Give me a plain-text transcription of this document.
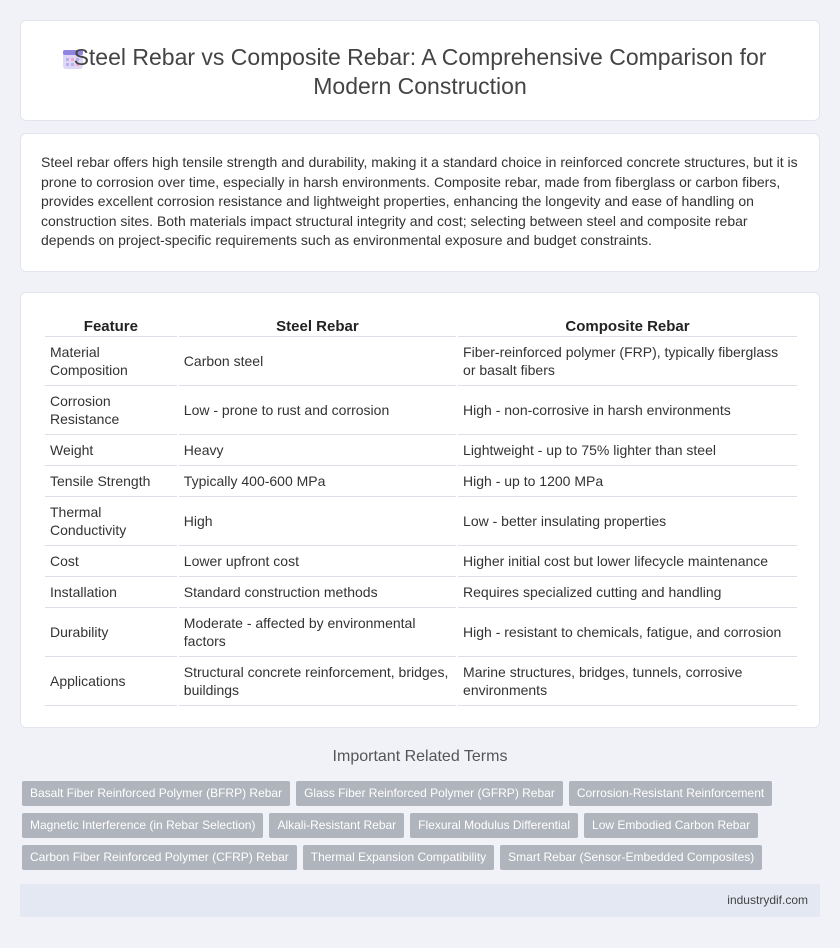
Steel Rebar vs Composite Rebar: A Comprehensive Comparison for Modern Construction

Steel rebar offers high tensile strength and durability, making it a standard choice in reinforced concrete structures, but it is prone to corrosion over time, especially in harsh environments. Composite rebar, made from fiberglass or carbon fibers, provides excellent corrosion resistance and lightweight properties, enhancing the longevity and ease of handling on construction sites. Both materials impact structural integrity and cost; selecting between steel and composite rebar depends on project-specific requirements such as environmental exposure and budget constraints.

Feature	Steel Rebar	Composite Rebar
Material Composition	Carbon steel	Fiber-reinforced polymer (FRP), typically fiberglass or basalt fibers
Corrosion Resistance	Low - prone to rust and corrosion	High - non-corrosive in harsh environments
Weight	Heavy	Lightweight - up to 75% lighter than steel
Tensile Strength	Typically 400-600 MPa	High - up to 1200 MPa
Thermal Conductivity	High	Low - better insulating properties
Cost	Lower upfront cost	Higher initial cost but lower lifecycle maintenance
Installation	Standard construction methods	Requires specialized cutting and handling
Durability	Moderate - affected by environmental factors	High - resistant to chemicals, fatigue, and corrosion
Applications	Structural concrete reinforcement, bridges, buildings	Marine structures, bridges, tunnels, corrosive environments
Important Related Terms
Basalt Fiber Reinforced Polymer (BFRP) Rebar	Glass Fiber Reinforced Polymer (GFRP) Rebar	Corrosion-Resistant Reinforcement
Magnetic Interference (in Rebar Selection)	Alkali-Resistant Rebar	Flexural Modulus Differential	Low Embodied Carbon Rebar
Carbon Fiber Reinforced Polymer (CFRP) Rebar	Thermal Expansion Compatibility	Smart Rebar (Sensor-Embedded Composites)
industrydif.com
